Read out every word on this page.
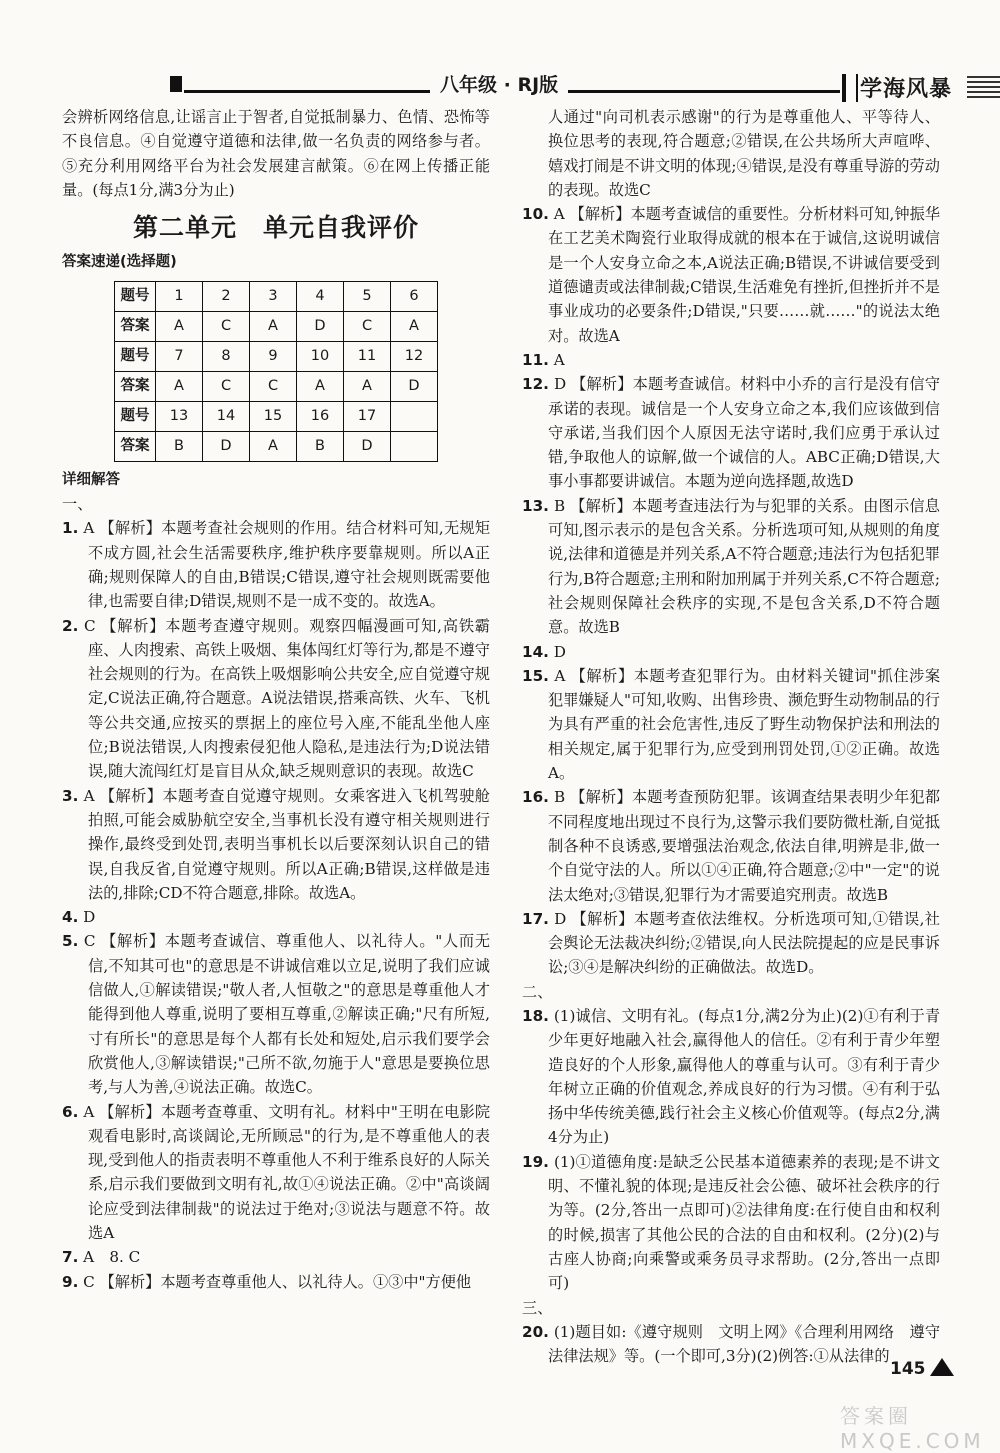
八年级 · RJ版	学海风暴

会辨析网络信息,让谣言止于智者,自觉抵制暴力、色情、恐怖等不良信息。④自觉遵守道德和法律,做一名负责的网络参与者。⑤充分利用网络平台为社会发展建言献策。⑥在网上传播正能量。(每点1分,满3分为止)

第二单元　单元自我评价

答案速递(选择题)

题号	1	2	3	4	5	6
答案	A	C	A	D	C	A
题号	7	8	9	10	11	12
答案	A	C	C	A	A	D
题号	13	14	15	16	17	
答案	B	D	A	B	D	

详细解答

一、

1. A 【解析】本题考查社会规则的作用。结合材料可知,无规矩不成方圆,社会生活需要秩序,维护秩序要靠规则。所以A正确;规则保障人的自由,B错误;C错误,遵守社会规则既需要他律,也需要自律;D错误,规则不是一成不变的。故选A。

2. C 【解析】本题考查遵守规则。观察四幅漫画可知,高铁霸座、人肉搜索、高铁上吸烟、集体闯红灯等行为,都是不遵守社会规则的行为。在高铁上吸烟影响公共安全,应自觉遵守规定,C说法正确,符合题意。A说法错误,搭乘高铁、火车、飞机等公共交通,应按买的票据上的座位号入座,不能乱坐他人座位;B说法错误,人肉搜索侵犯他人隐私,是违法行为;D说法错误,随大流闯红灯是盲目从众,缺乏规则意识的表现。故选C

3. A 【解析】本题考查自觉遵守规则。女乘客进入飞机驾驶舱拍照,可能会威胁航空安全,当事机长没有遵守相关规则进行操作,最终受到处罚,表明当事机长以后要深刻认识自己的错误,自我反省,自觉遵守规则。所以A正确;B错误,这样做是违法的,排除;CD不符合题意,排除。故选A。

4. D

5. C 【解析】本题考查诚信、尊重他人、以礼待人。"人而无信,不知其可也"的意思是不讲诚信难以立足,说明了我们应诚信做人,①解读错误;"敬人者,人恒敬之"的意思是尊重他人才能得到他人尊重,说明了要相互尊重,②解读正确;"尺有所短,寸有所长"的意思是每个人都有长处和短处,启示我们要学会欣赏他人,③解读错误;"己所不欲,勿施于人"意思是要换位思考,与人为善,④说法正确。故选C。

6. A 【解析】本题考查尊重、文明有礼。材料中"王明在电影院观看电影时,高谈阔论,无所顾忌"的行为,是不尊重他人的表现,受到他人的指责表明不尊重他人不利于维系良好的人际关系,启示我们要做到文明有礼,故①④说法正确。②中"高谈阔论应受到法律制裁"的说法过于绝对;③说法与题意不符。故选A

7. A　8. C

9. C 【解析】本题考查尊重他人、以礼待人。①③中"方便他

人通过"向司机表示感谢"的行为是尊重他人、平等待人、换位思考的表现,符合题意;②错误,在公共场所大声喧哗、嬉戏打闹是不讲文明的体现;④错误,是没有尊重导游的劳动的表现。故选C

10. A 【解析】本题考查诚信的重要性。分析材料可知,钟振华在工艺美术陶瓷行业取得成就的根本在于诚信,这说明诚信是一个人安身立命之本,A说法正确;B错误,不讲诚信要受到道德谴责或法律制裁;C错误,生活难免有挫折,但挫折并不是事业成功的必要条件;D错误,"只要……就……"的说法太绝对。故选A

11. A

12. D 【解析】本题考查诚信。材料中小乔的言行是没有信守承诺的表现。诚信是一个人安身立命之本,我们应该做到信守承诺,当我们因个人原因无法守诺时,我们应勇于承认过错,争取他人的谅解,做一个诚信的人。ABC正确;D错误,大事小事都要讲诚信。本题为逆向选择题,故选D

13. B 【解析】本题考查违法行为与犯罪的关系。由图示信息可知,图示表示的是包含关系。分析选项可知,从规则的角度说,法律和道德是并列关系,A不符合题意;违法行为包括犯罪行为,B符合题意;主刑和附加刑属于并列关系,C不符合题意;社会规则保障社会秩序的实现,不是包含关系,D不符合题意。故选B

14. D

15. A 【解析】本题考查犯罪行为。由材料关键词"抓住涉案犯罪嫌疑人"可知,收购、出售珍贵、濒危野生动物制品的行为具有严重的社会危害性,违反了野生动物保护法和刑法的相关规定,属于犯罪行为,应受到刑罚处罚,①②正确。故选A。

16. B 【解析】本题考查预防犯罪。该调查结果表明少年犯都不同程度地出现过不良行为,这警示我们要防微杜渐,自觉抵制各种不良诱惑,要增强法治观念,依法自律,明辨是非,做一个自觉守法的人。所以①④正确,符合题意;②中"一定"的说法太绝对;③错误,犯罪行为才需要追究刑责。故选B

17. D 【解析】本题考查依法维权。分析选项可知,①错误,社会舆论无法裁决纠纷;②错误,向人民法院提起的应是民事诉讼;③④是解决纠纷的正确做法。故选D。

二、

18. (1)诚信、文明有礼。(每点1分,满2分为止)(2)①有利于青少年更好地融入社会,赢得他人的信任。②有利于青少年塑造良好的个人形象,赢得他人的尊重与认可。③有利于青少年树立正确的价值观念,养成良好的行为习惯。④有利于弘扬中华传统美德,践行社会主义核心价值观等。(每点2分,满4分为止)

19. (1)①道德角度:是缺乏公民基本道德素养的表现;是不讲文明、不懂礼貌的体现;是违反社会公德、破坏社会秩序的行为等。(2分,答出一点即可)②法律角度:在行使自由和权利的时候,损害了其他公民的合法的自由和权利。(2分)(2)与古座人协商;向乘警或乘务员寻求帮助。(2分,答出一点即可)

三、

20. (1)题目如:《遵守规则　文明上网》《合理利用网络　遵守法律法规》等。(一个即可,3分)(2)例答:①从法律的

145
答案圈 MXQE.COM
